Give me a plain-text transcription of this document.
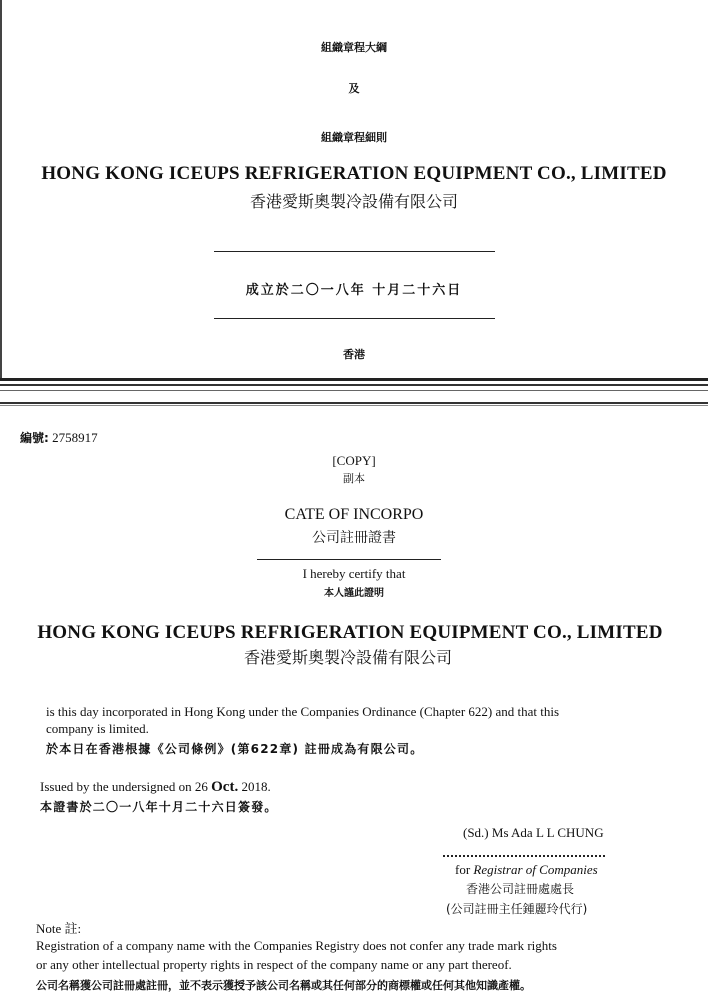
組織章程大綱
及
組織章程細則
HONG KONG ICEUPS REFRIGERATION EQUIPMENT CO., LIMITED
香港愛斯奧製冷設備有限公司
成立於二〇一八年 十月二十六日
香港
編號: 2758917
[COPY]
副本
CATE OF INCORPO
公司註冊證書
I hereby certify that
本人謹此證明
HONG KONG ICEUPS REFRIGERATION EQUIPMENT CO., LIMITED
香港愛斯奧製冷設備有限公司
is this day incorporated in Hong Kong under the Companies Ordinance (Chapter 622) and that this
company is limited.
於本日在香港根據《公司條例》(第622章) 註冊成為有限公司。
Issued by the undersigned on 26 Oct. 2018.
本證書於二〇一八年十月二十六日簽發。
(Sd.) Ms Ada L L CHUNG
for Registrar of Companies
香港公司註冊處處長
(公司註冊主任鍾麗玲代行)
Note 註:
Registration of a company name with the Companies Registry does not confer any trade mark rights
or any other intellectual property rights in respect of the company name or any part thereof.
公司名稱獲公司註冊處註冊，並不表示獲授予該公司名稱或其任何部分的商標權或任何其他知識產權。
